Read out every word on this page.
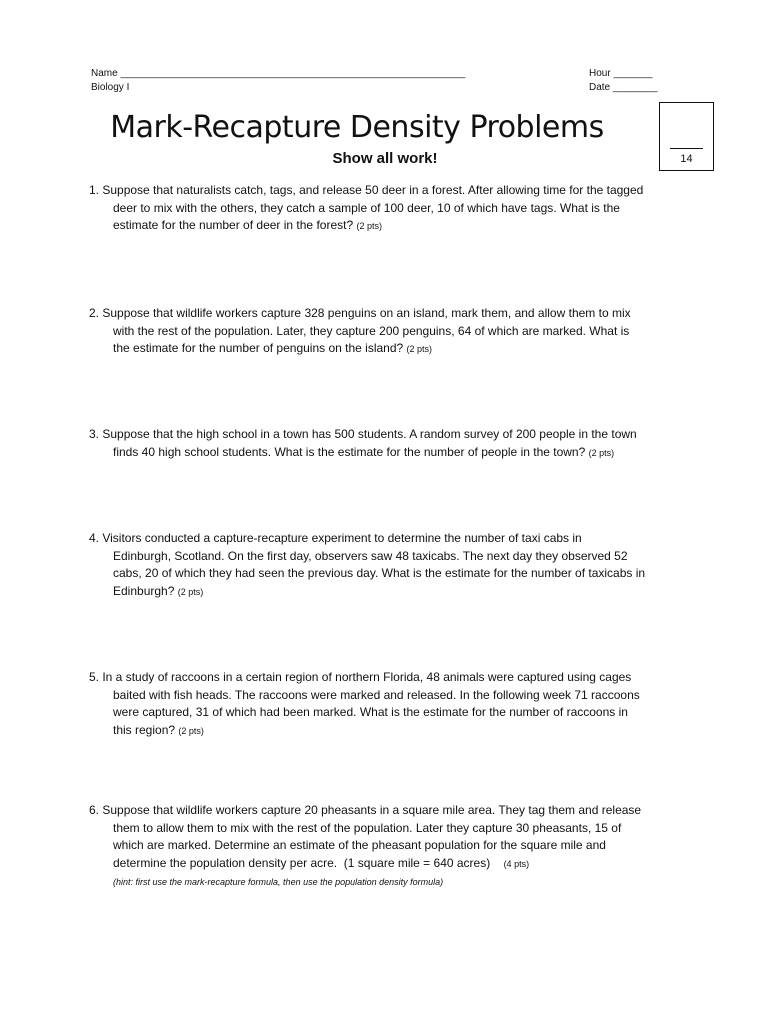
Name ______________________________________________________________
Biology I
Hour _______
Date ________
Mark-Recapture Density Problems
Show all work!	14
1. Suppose that naturalists catch, tags, and release 50 deer in a forest. After allowing time for the tagged
deer to mix with the others, they catch a sample of 100 deer, 10 of which have tags. What is the
estimate for the number of deer in the forest? (2 pts)
2. Suppose that wildlife workers capture 328 penguins on an island, mark them, and allow them to mix
with the rest of the population. Later, they capture 200 penguins, 64 of which are marked. What is
the estimate for the number of penguins on the island? (2 pts)
3. Suppose that the high school in a town has 500 students. A random survey of 200 people in the town
finds 40 high school students. What is the estimate for the number of people in the town? (2 pts)
4. Visitors conducted a capture-recapture experiment to determine the number of taxi cabs in
Edinburgh, Scotland. On the first day, observers saw 48 taxicabs. The next day they observed 52
cabs, 20 of which they had seen the previous day. What is the estimate for the number of taxicabs in
Edinburgh? (2 pts)
5. In a study of raccoons in a certain region of northern Florida, 48 animals were captured using cages
baited with fish heads. The raccoons were marked and released. In the following week 71 raccoons
were captured, 31 of which had been marked. What is the estimate for the number of raccoons in
this region? (2 pts)
6. Suppose that wildlife workers capture 20 pheasants in a square mile area. They tag them and release
them to allow them to mix with the rest of the population. Later they capture 30 pheasants, 15 of
which are marked. Determine an estimate of the pheasant population for the square mile and
determine the population density per acre.  (1 square mile = 640 acres)    (4 pts)
(hint: first use the mark-recapture formula, then use the population density formula)
